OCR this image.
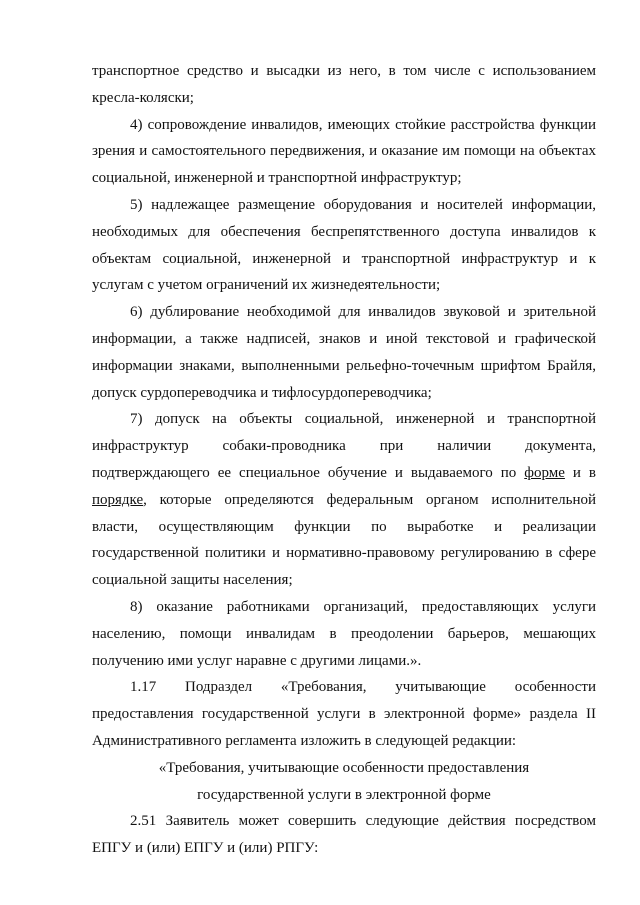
транспортное средство и высадки из него, в том числе с использованием кресла-коляски;

4) сопровождение инвалидов, имеющих стойкие расстройства функции зрения и самостоятельного передвижения, и оказание им помощи на объектах социальной, инженерной и транспортной инфраструктур;

5) надлежащее размещение оборудования и носителей информации, необходимых для обеспечения беспрепятственного доступа инвалидов к объектам социальной, инженерной и транспортной инфраструктур и к услугам с учетом ограничений их жизнедеятельности;

6) дублирование необходимой для инвалидов звуковой и зрительной информации, а также надписей, знаков и иной текстовой и графической информации знаками, выполненными рельефно-точечным шрифтом Брайля, допуск сурдопереводчика и тифлосурдопереводчика;

7) допуск на объекты социальной, инженерной и транспортной инфраструктур собаки-проводника при наличии документа, подтверждающего ее специальное обучение и выдаваемого по форме и в порядке, которые определяются федеральным органом исполнительной власти, осуществляющим функции по выработке и реализации государственной политики и нормативно-правовому регулированию в сфере социальной защиты населения;

8) оказание работниками организаций, предоставляющих услуги населению, помощи инвалидам в преодолении барьеров, мешающих получению ими услуг наравне с другими лицами.».

1.17 Подраздел «Требования, учитывающие особенности предоставления государственной услуги в электронной форме» раздела II Административного регламента изложить в следующей редакции:

«Требования, учитывающие особенности предоставления

государственной услуги в электронной форме

2.51 Заявитель может совершить следующие действия посредством ЕПГУ и (или) ЕПГУ и (или) РПГУ:
